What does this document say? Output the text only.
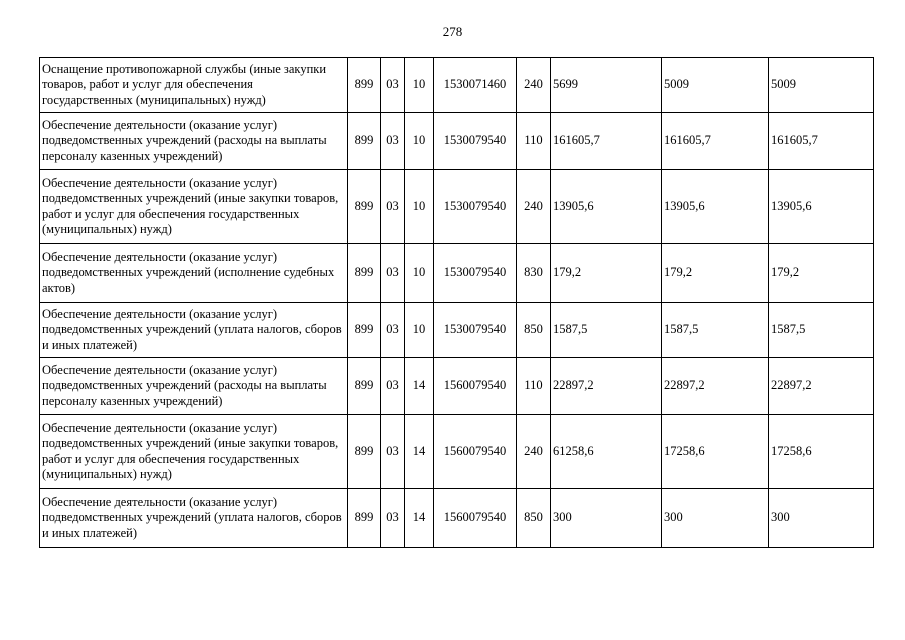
278
Оснащение противопожарной службы (иные закупки товаров, работ и услуг для обеспечения государственных (муниципальных) нужд)	899	03	10	1530071460	240	5699	5009	5009
Обеспечение деятельности (оказание услуг) подведомственных учреждений (расходы на выплаты персоналу казенных учреждений)	899	03	10	1530079540	110	161605,7	161605,7	161605,7
Обеспечение деятельности (оказание услуг) подведомственных учреждений (иные закупки товаров, работ и услуг для обеспечения государственных (муниципальных) нужд)	899	03	10	1530079540	240	13905,6	13905,6	13905,6
Обеспечение деятельности (оказание услуг) подведомственных учреждений (исполнение судебных актов)	899	03	10	1530079540	830	179,2	179,2	179,2
Обеспечение деятельности (оказание услуг) подведомственных учреждений (уплата налогов, сборов и иных платежей)	899	03	10	1530079540	850	1587,5	1587,5	1587,5
Обеспечение деятельности (оказание услуг) подведомственных учреждений (расходы на выплаты персоналу казенных учреждений)	899	03	14	1560079540	110	22897,2	22897,2	22897,2
Обеспечение деятельности (оказание услуг) подведомственных учреждений (иные закупки товаров, работ и услуг для обеспечения государственных (муниципальных) нужд)	899	03	14	1560079540	240	61258,6	17258,6	17258,6
Обеспечение деятельности (оказание услуг) подведомственных учреждений (уплата налогов, сборов и иных платежей)	899	03	14	1560079540	850	300	300	300
